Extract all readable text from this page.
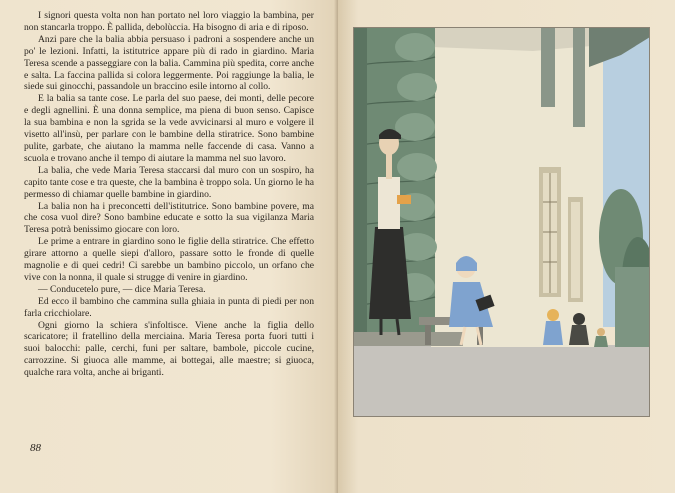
I signori questa volta non han portato nel loro viaggio la bambina, per non stancarla troppo. È pallida, debolùccia. Ha bisogno di aria e di riposo.

Anzi pare che la balia abbia persuaso i padroni a sospendere anche un po' le lezioni. Infatti, la istitutrice appare più di rado in giardino. Maria Teresa scende a passeggiare con la balia. Cammina più spedita, corre anche e salta. La faccina pallida si colora leggermente. Poi raggiunge la balia, le siede sui ginocchi, passandole un braccino esile intorno al collo.

E la balia sa tante cose. Le parla del suo paese, dei monti, delle pecore e degli agnellini. È una donna semplice, ma piena di buon senso. Capisce la sua bambina e non la sgrida se la vede avvicinarsi al muro e volgere il visetto all'insù, per parlare con le bambine della stiratrice. Sono bambine pulite, garbate, che aiutano la mamma nelle faccende di casa. Vanno a scuola e trovano anche il tempo di aiutare la mamma nel suo lavoro.

La balia, che vede Maria Teresa staccarsi dal muro con un sospiro, ha capito tante cose e tra queste, che la bambina è troppo sola. Un giorno le ha permesso di chiamar quelle bambine in giardino.

La balia non ha i preconcetti dell'istitutrice. Sono bambine povere, ma che cosa vuol dire? Sono bambine educate e sotto la sua vigilanza Maria Teresa potrà benissimo giocare con loro.

Le prime a entrare in giardino sono le figlie della stiratrice. Che effetto girare attorno a quelle siepi d'alloro, passare sotto le fronde di quelle magnolie e di quei cedri! Ci sarebbe un bambino piccolo, un orfano che vive con la nonna, il quale si strugge di venire in giardino.

— Conducetelo pure, — dice Maria Teresa.

Ed ecco il bambino che cammina sulla ghiaia in punta di piedi per non farla cricchiolare.

Ogni giorno la schiera s'infoltisce. Viene anche la figlia dello scaricatore; il fratellino della merciaina. Maria Teresa porta fuori tutti i suoi balocchi: palle, cerchi, funi per saltare, bambole, piccole cucine, carrozzine. Si giuoca alle mamme, ai bottegai, alle maestre; si giuoca, qualche rara volta, anche ai briganti.

88
